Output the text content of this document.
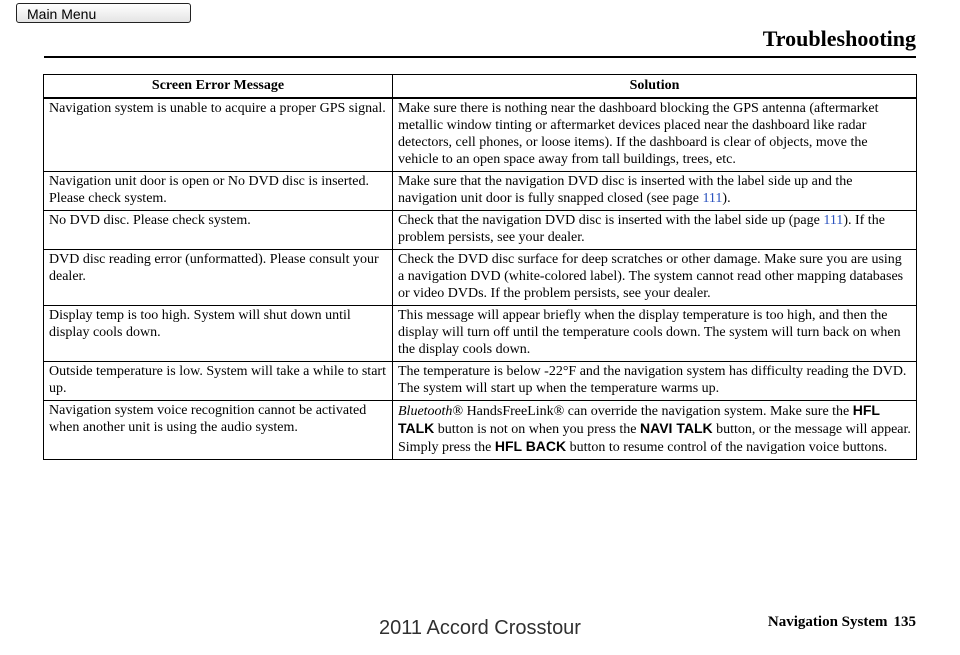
Main Menu
Troubleshooting
Screen Error Message	Solution
Navigation system is unable to acquire a proper GPS signal.	Make sure there is nothing near the dashboard blocking the GPS antenna (aftermarket metallic window tinting or aftermarket devices placed near the dashboard like radar detectors, cell phones, or loose items). If the dashboard is clear of objects, move the vehicle to an open space away from tall buildings, trees, etc.
Navigation unit door is open or No DVD disc is inserted. Please check system.	Make sure that the navigation DVD disc is inserted with the label side up and the navigation unit door is fully snapped closed (see page 111).
No DVD disc. Please check system.	Check that the navigation DVD disc is inserted with the label side up (page 111). If the problem persists, see your dealer.
DVD disc reading error (unformatted). Please consult your dealer.	Check the DVD disc surface for deep scratches or other damage. Make sure you are using a navigation DVD (white-colored label). The system cannot read other mapping databases or video DVDs. If the problem persists, see your dealer.
Display temp is too high. System will shut down until display cools down.	This message will appear briefly when the display temperature is too high, and then the display will turn off until the temperature cools down. The system will turn back on when the display cools down.
Outside temperature is low. System will take a while to start up.	The temperature is below -22°F and the navigation system has difficulty reading the DVD. The system will start up when the temperature warms up.
Navigation system voice recognition cannot be activated when another unit is using the audio system.	Bluetooth® HandsFreeLink® can override the navigation system. Make sure the HFL TALK button is not on when you press the NAVI TALK button, or the message will appear. Simply press the HFL BACK button to resume control of the navigation voice buttons.
Navigation System 135
2011 Accord Crosstour
